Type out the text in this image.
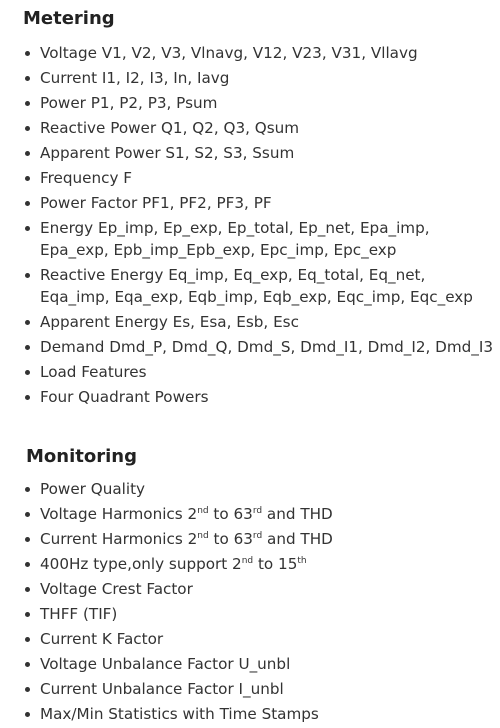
Metering
Voltage V1, V2, V3, Vlnavg, V12, V23, V31, Vllavg
Current I1, I2, I3, In, Iavg
Power P1, P2, P3, Psum
Reactive Power Q1, Q2, Q3, Qsum
Apparent Power S1, S2, S3, Ssum
Frequency F
Power Factor PF1, PF2, PF3, PF
Energy Ep_imp, Ep_exp, Ep_total, Ep_net, Epa_imp, Epa_exp, Epb_imp_Epb_exp, Epc_imp, Epc_exp
Reactive Energy Eq_imp, Eq_exp, Eq_total, Eq_net, Eqa_imp, Eqa_exp, Eqb_imp, Eqb_exp, Eqc_imp, Eqc_exp
Apparent Energy Es, Esa, Esb, Esc
Demand Dmd_P, Dmd_Q, Dmd_S, Dmd_I1, Dmd_I2, Dmd_I3
Load Features
Four Quadrant Powers
Monitoring
Power Quality
Voltage Harmonics 2nd to 63rd and THD
Current Harmonics 2nd to 63rd and THD
400Hz type,only support 2nd to 15th
Voltage Crest Factor
THFF (TIF)
Current K Factor
Voltage Unbalance Factor U_unbl
Current Unbalance Factor I_unbl
Max/Min Statistics with Time Stamps
